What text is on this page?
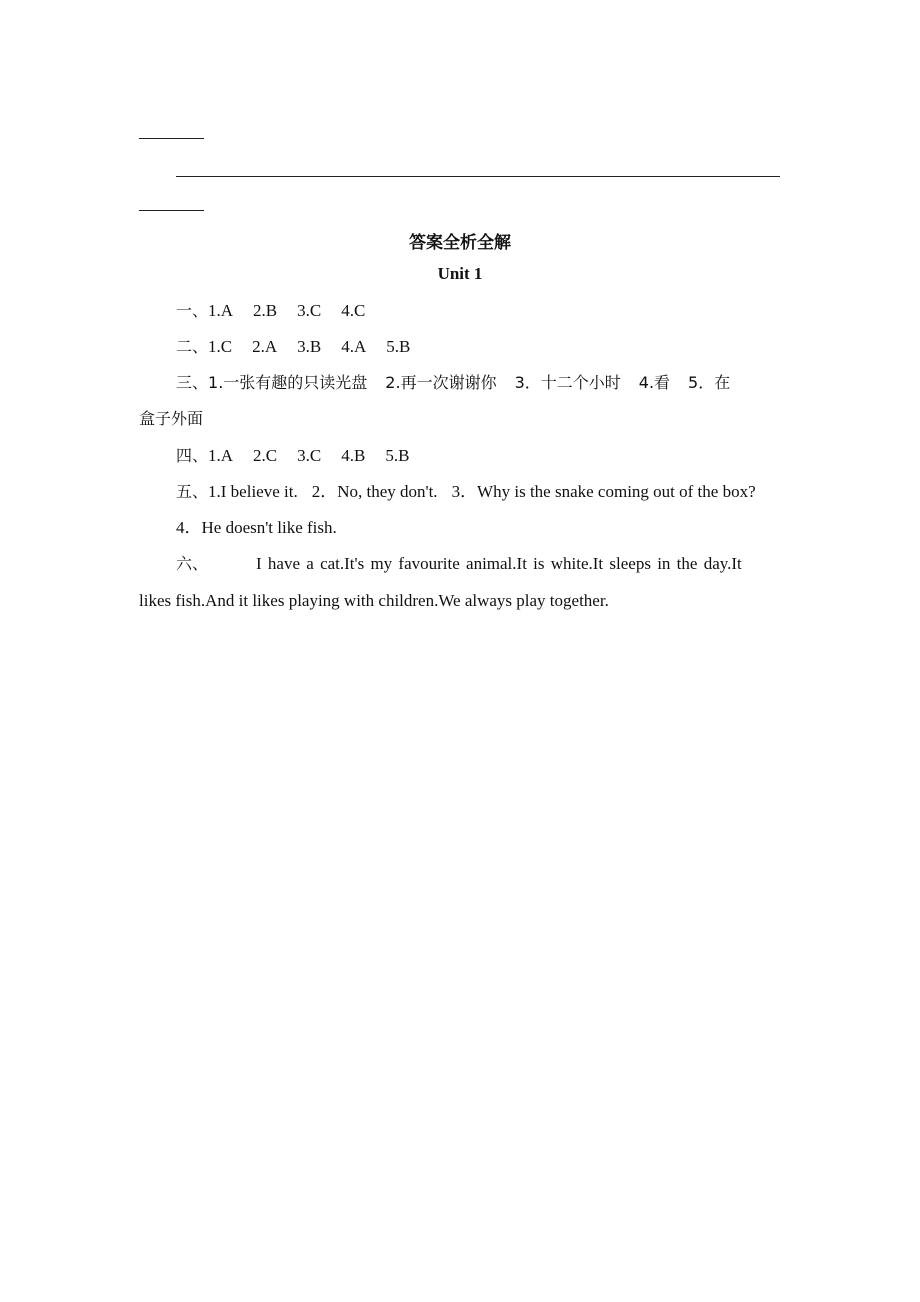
答案全析全解
Unit 1
一、1.A 2.B 3.C 4.C
二、1.C 2.A 3.B 4.A 5.B
三、1.一张有趣的只读光盘 2.再一次谢谢你 3．十二个小时 4.看 5．在
盒子外面
四、1.A 2.C 3.C 4.B 5.B
五、1.I believe it. 2．No, they don't. 3．Why is the snake coming out of the box?
4．He doesn't like fish.
六、	I have a cat.It's my favourite animal.It is white.It sleeps in the day.It
likes fish.And it likes playing with children.We always play together.
